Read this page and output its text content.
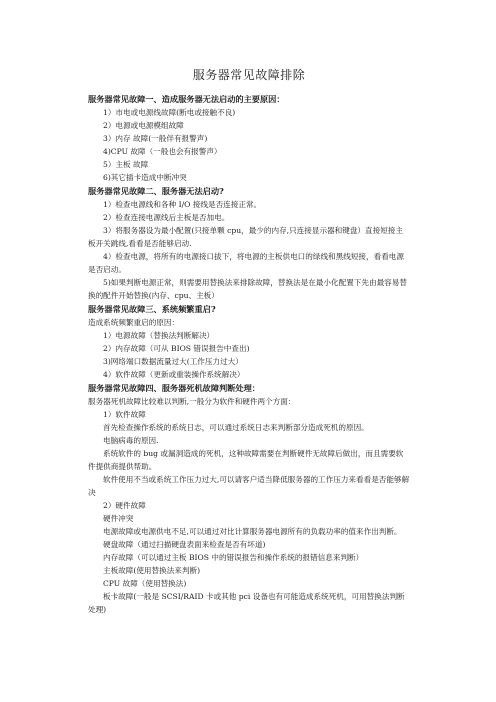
服务器常见故障排除

服务器常见故障一、造成服务器无法启动的主要原因：

1）市电或电源线故障(断电或接触不良)

2）电源或电源模组故障

3）内存 故障(一般伴有报警声)

4)CPU 故障（一般也会有报警声）

5）主板 故障

6)其它插卡造成中断冲突

服务器常见故障二、服务器无法启动?

1）检查电源线和各种 I/O 接线是否连接正常。

2）检查连接电源线后主板是否加电。

3）将服务器设为最小配置(只接单颗 cpu，最少的内存,只连接显示器和键盘）直接短接主板开关跳线,看看是否能够启动.

4）检查电源，将所有的电源接口拔下，将电源的主板供电口的绿线和黑线短接，看看电源是否启动。

5)如果判断电源正常，则需要用替换法来排除故障，替换法是在最小化配置下先由最容易替换的配件开始替换(内存、cpu、主板）

服务器常见故障三、系统频繁重启?

造成系统频繁重启的原因：

1）电源故障（替换法判断解决）

2）内存故障（可从 BIOS 错误报告中查出)

3)网络端口数据流量过大(工作压力过大）

4）软件故障（更新或重装操作系统解决）

服务器常见故障四、服务器死机故障判断处理：

服务器死机故障比较难以判断,一般分为软件和硬件两个方面：

1）软件故障

首先检查操作系统的系统日志，可以通过系统日志来判断部分造成死机的原因。

电脑病毒的原因.

系统软件的 bug 或漏洞造成的死机，这种故障需要在判断硬件无故障后做出，而且需要软件提供商提供帮助。

软件使用不当或系统工作压力过大,可以请客户适当降低服务器的工作压力来看看是否能够解决

2）硬件故障

硬件冲突

电源故障或电源供电不足,可以通过对比计算服务器电源所有的负载功率的值来作出判断。

硬盘故障（通过扫描硬盘表面来检查是否有坏道)

内存故障（可以通过主板 BIOS 中的错误报告和操作系统的报错信息来判断）

主板故障(使用替换法来判断)

CPU 故障（使用替换法)

板卡故障(一般是 SCSI/RAID 卡或其他 pci 设备也有可能造成系统死机，可用替换法判断处理)
